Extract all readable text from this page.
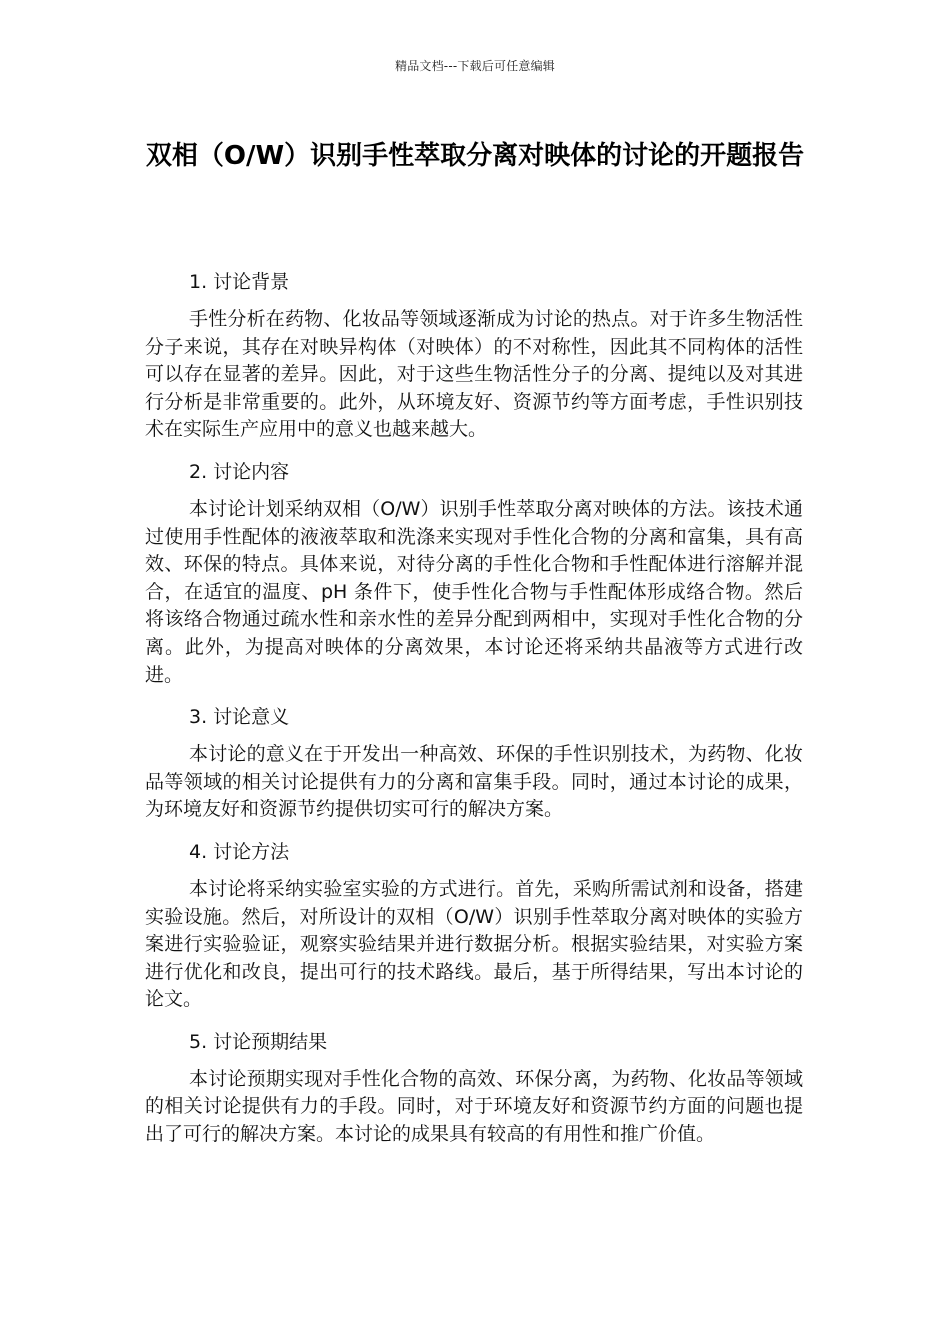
精品文档---下载后可任意编辑
双相（O/W）识别手性萃取分离对映体的讨论的开题报告
1. 讨论背景

手性分析在药物、化妆品等领域逐渐成为讨论的热点。对于许多生物活性分子来说，其存在对映异构体（对映体）的不对称性，因此其不同构体的活性可以存在显著的差异。因此，对于这些生物活性分子的分离、提纯以及对其进行分析是非常重要的。此外，从环境友好、资源节约等方面考虑，手性识别技术在实际生产应用中的意义也越来越大。

2. 讨论内容

本讨论计划采纳双相（O/W）识别手性萃取分离对映体的方法。该技术通过使用手性配体的液液萃取和洗涤来实现对手性化合物的分离和富集，具有高效、环保的特点。具体来说，对待分离的手性化合物和手性配体进行溶解并混合，在适宜的温度、pH 条件下，使手性化合物与手性配体形成络合物。然后将该络合物通过疏水性和亲水性的差异分配到两相中，实现对手性化合物的分离。此外，为提高对映体的分离效果，本讨论还将采纳共晶液等方式进行改进。

3. 讨论意义

本讨论的意义在于开发出一种高效、环保的手性识别技术，为药物、化妆品等领域的相关讨论提供有力的分离和富集手段。同时，通过本讨论的成果，为环境友好和资源节约提供切实可行的解决方案。

4. 讨论方法

本讨论将采纳实验室实验的方式进行。首先，采购所需试剂和设备，搭建实验设施。然后，对所设计的双相（O/W）识别手性萃取分离对映体的实验方案进行实验验证，观察实验结果并进行数据分析。根据实验结果，对实验方案进行优化和改良，提出可行的技术路线。最后，基于所得结果，写出本讨论的论文。

5. 讨论预期结果

本讨论预期实现对手性化合物的高效、环保分离，为药物、化妆品等领域的相关讨论提供有力的手段。同时，对于环境友好和资源节约方面的问题也提出了可行的解决方案。本讨论的成果具有较高的有用性和推广价值。
